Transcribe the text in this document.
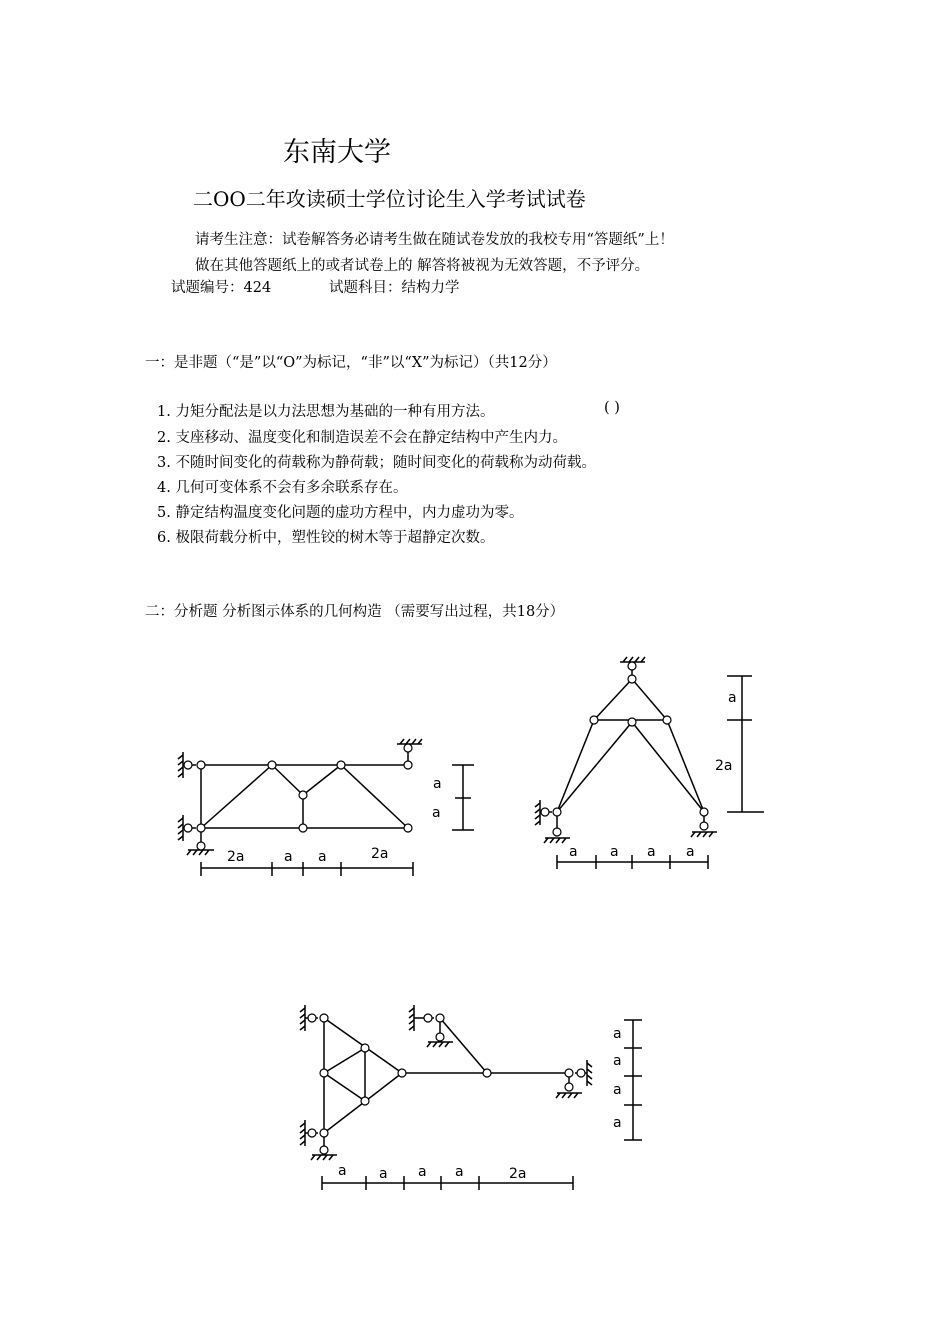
东南大学
二OO二年攻读硕士学位讨论生入学考试试卷
请考生注意：试卷解答务必请考生做在随试卷发放的我校专用“答题纸”上！
做在其他答题纸上的或者试卷上的 解答将被视为无效答题，不予评分。
试题编号：424	试题科目：结构力学
一：是非题（“是”以“O”为标记，“非”以“X”为标记）（共12分）
1. 力矩分配法是以力法思想为基础的一种有用方法。	( )
2. 支座移动、温度变化和制造误差不会在静定结构中产生内力。
3. 不随时间变化的荷载称为静荷载；随时间变化的荷载称为动荷载。
4. 几何可变体系不会有多余联系存在。
5. 静定结构温度变化问题的虚功方程中，内力虚功为零。
6. 极限荷载分析中，塑性铰的树木等于超静定次数。
二：分析题 分析图示体系的几何构造 （需要写出过程，共18分）
2a	a a	2a
a
a
a
2a
a a a a
a
a
a
a
a a a a	2a
